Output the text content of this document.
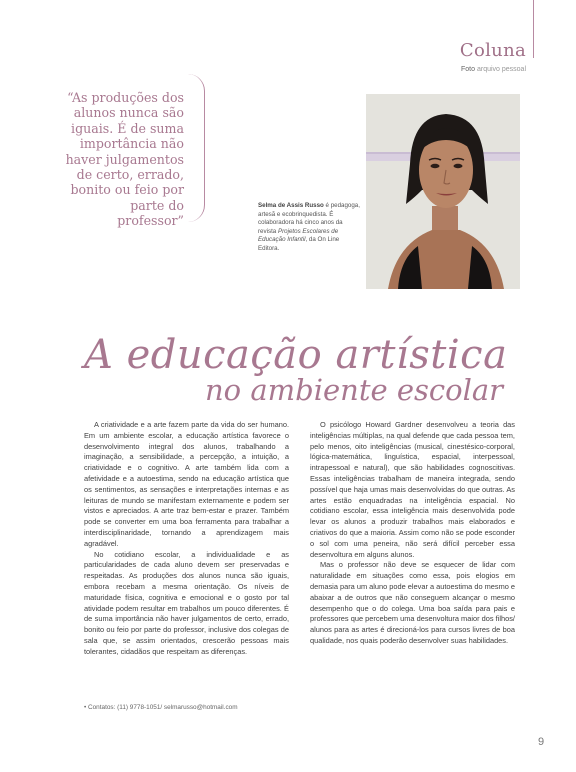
Coluna
Foto arquivo pessoal
“As produções dos alunos nunca são iguais. É de suma importância não haver julgamentos de certo, errado, bonito ou feio por parte do professor”
Selma de Assis Russo é pedagoga, artesã e ecobrinquedista. É colaboradora há cinco anos da revista Projetos Escolares de Educação Infantil, da On Line Editora.
A educação artística
no ambiente escolar

A criatividade e a arte fazem parte da vida do ser humano. Em um ambiente escolar, a educação artística favorece o desenvolvimento integral dos alunos, trabalhando a imaginação, a sensibilidade, a percepção, a intuição, a criatividade e o cognitivo. A arte também lida com a afetividade e a autoestima, sendo na educação artística que os sentimentos, as sensações e interpretações internas e as leituras de mundo se manifestam externamente e podem ser vistos e apreciados. A arte traz bem-estar e prazer. Também pode se converter em uma boa ferramenta para trabalhar a interdisciplinaridade, tornando a aprendizagem mais agradável.

No cotidiano escolar, a individualidade e as particularidades de cada aluno devem ser preservadas e respeitadas. As produções dos alunos nunca são iguais, embora recebam a mesma orientação. Os níveis de maturidade física, cognitiva e emocional e o gosto por tal atividade podem resultar em trabalhos um pouco diferentes. É de suma importância não haver julgamentos de certo, errado, bonito ou feio por parte do professor, inclusive dos colegas de sala que, se assim orientados, crescerão pessoas mais tolerantes, cidadãos que respeitam as diferenças.

O psicólogo Howard Gardner desenvolveu a teoria das inteligências múltiplas, na qual defende que cada pessoa tem, pelo menos, oito inteligências (musical, cinestésico-corporal, lógica-matemática, linguística, espacial, interpessoal, intrapessoal e natural), que são habilidades cognoscitivas. Essas inteligências trabalham de maneira integrada, sendo possível que haja umas mais desenvolvidas do que outras. As artes estão enquadradas na inteligência espacial. No cotidiano escolar, essa inteligência mais desenvolvida pode levar os alunos a produzir trabalhos mais elaborados e criativos do que a maioria. Assim como não se pode esconder o sol com uma peneira, não será difícil perceber essa desenvoltura em alguns alunos.

Mas o professor não deve se esquecer de lidar com naturalidade em situações como essa, pois elogios em demasia para um aluno pode elevar a autoestima do mesmo e abaixar a de outros que não conseguem alcançar o mesmo desempenho que o do colega. Uma boa saída para pais e professores que percebem uma desenvoltura maior dos filhos/ alunos para as artes é direcioná-los para cursos livres de boa qualidade, nos quais poderão desenvolver suas habilidades.

• Contatos: (11) 9778-1051/ selmarusso@hotmail.com
9
